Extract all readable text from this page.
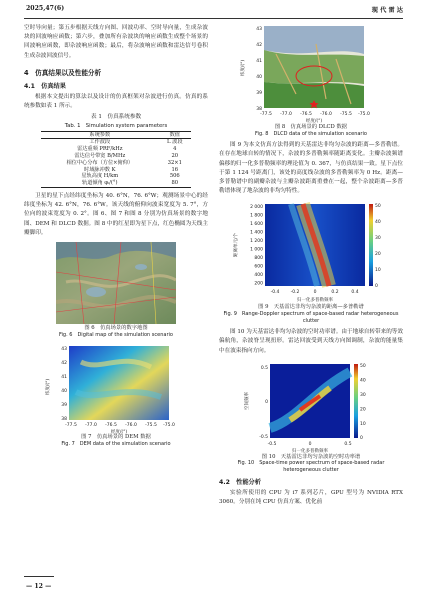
2025,47(6)	现 代 雷 达

空时导向量；第五步根据天线方向图、回波功率、空时导向量，生成杂波块的回波响应函数；第六步，叠加所有杂波块的响应函数生成整个场景的回波响应函数，即杂波响应函数；最后，将杂波响应函数和雷达信号卷积生成杂波回波信号。

4　仿真结果以及性能分析
4.1　仿真结果

根据本文提出的算法以及设计的仿真框架对杂波进行仿真。仿真的系统参数如表 1 所示。

表 1　仿真系统参数
Tab. 1　Simulation system parameters
系统参数	数值
工作波段	L 波段
雷达重频 PRF/kHz	4
雷达信号带宽 B/MHz	20
相位中心分布（方位×俯仰）	32×1
时域脉冲数 K	16
星轨高度 H/km	506
轨道倾角 φᵢ/(°)	80

卫星的星下点经纬度坐标为 40. 6°N，76. 6°W；观测场景中心的经纬度坐标为 42. 6°N，76. 6°W。该天线的俯仰向波束宽度为 5. 7°，方位向的波束宽度为 0. 2°。图 6、图 7 和图 8 分别为仿真场景的数字地图、DEM 和 DLCD 数据。图 8 中的红星即为星下点，红色椭圆为天线主瓣脚印。

图 6　仿真场景的数字地图
Fig. 6　Digital map of the simulation scenario
纬度/(°)
43
42
41
40
39
38
-77.5 -77.0 -76.5 -76.0 -75.5 -75.0
经度/(°)
图 7　仿真场景的 DEM 数据
Fig. 7　DEM data of the simulation scenario
纬度/(°)
43
42
41
40
39
38
-77.5 -77.0 -76.5 -76.0 -75.5 -75.0
经度/(°)
图 8　仿真场景的 DLCD 数据
Fig. 8　DLCD data of the simulation scenario

图 9 为本文仿真方法得到的天基雷达非均匀杂波的距离—多普勒谱。在存在地球自转的情况下，杂波的多普勒频率随距离变化。主瓣杂波频谱偏移的归一化多普勒频率的理论值为 0. 367，与仿真结果一致。星下点位于第 1 124 号距离门，该处的高度线杂波的多普勒频率为 0 Hz。距离—多普勒谱中的副瓣杂波与主瓣杂波距离重叠在一起，整个杂波距离—多普勒谱体现了地杂波的非均匀特性。

50
40
30
20
10
0
距离单元/个
2 000
1 800
1 600
1 400
1 200
1 000
800
600
400
200
-0.4 -0.2	0	0.2	0.4
归一化多普勒频率
图 9　天基雷达非均匀杂波的距离—多普勒谱
Fig. 9　Range-Doppler spectrum of space-based radar heterogeneous clutter

图 10 为天基雷达非均匀杂波的空时功率谱。由于地球自转带来的等效偏航角，杂波脊呈现扭形。雷达回波受到天线方向图调制，杂波的能量集中在波束指向方向。

50
40
30
20
10
0
空间频率
0.5
0
-0.5
-0.5	0	0.5
归一化多普勒频率
图 10　天基雷达非均匀杂波的空时功率谱
Fig. 10　Space-time power spectrum of space-based radar heterogeneous clutter
4.2　性能分析

实验所使用的 CPU 为 i7 系列芯片，GPU 型号为 NVIDIA RTX 3060。分别在纯 CPU 仿真方案、优化前

— 12 —
